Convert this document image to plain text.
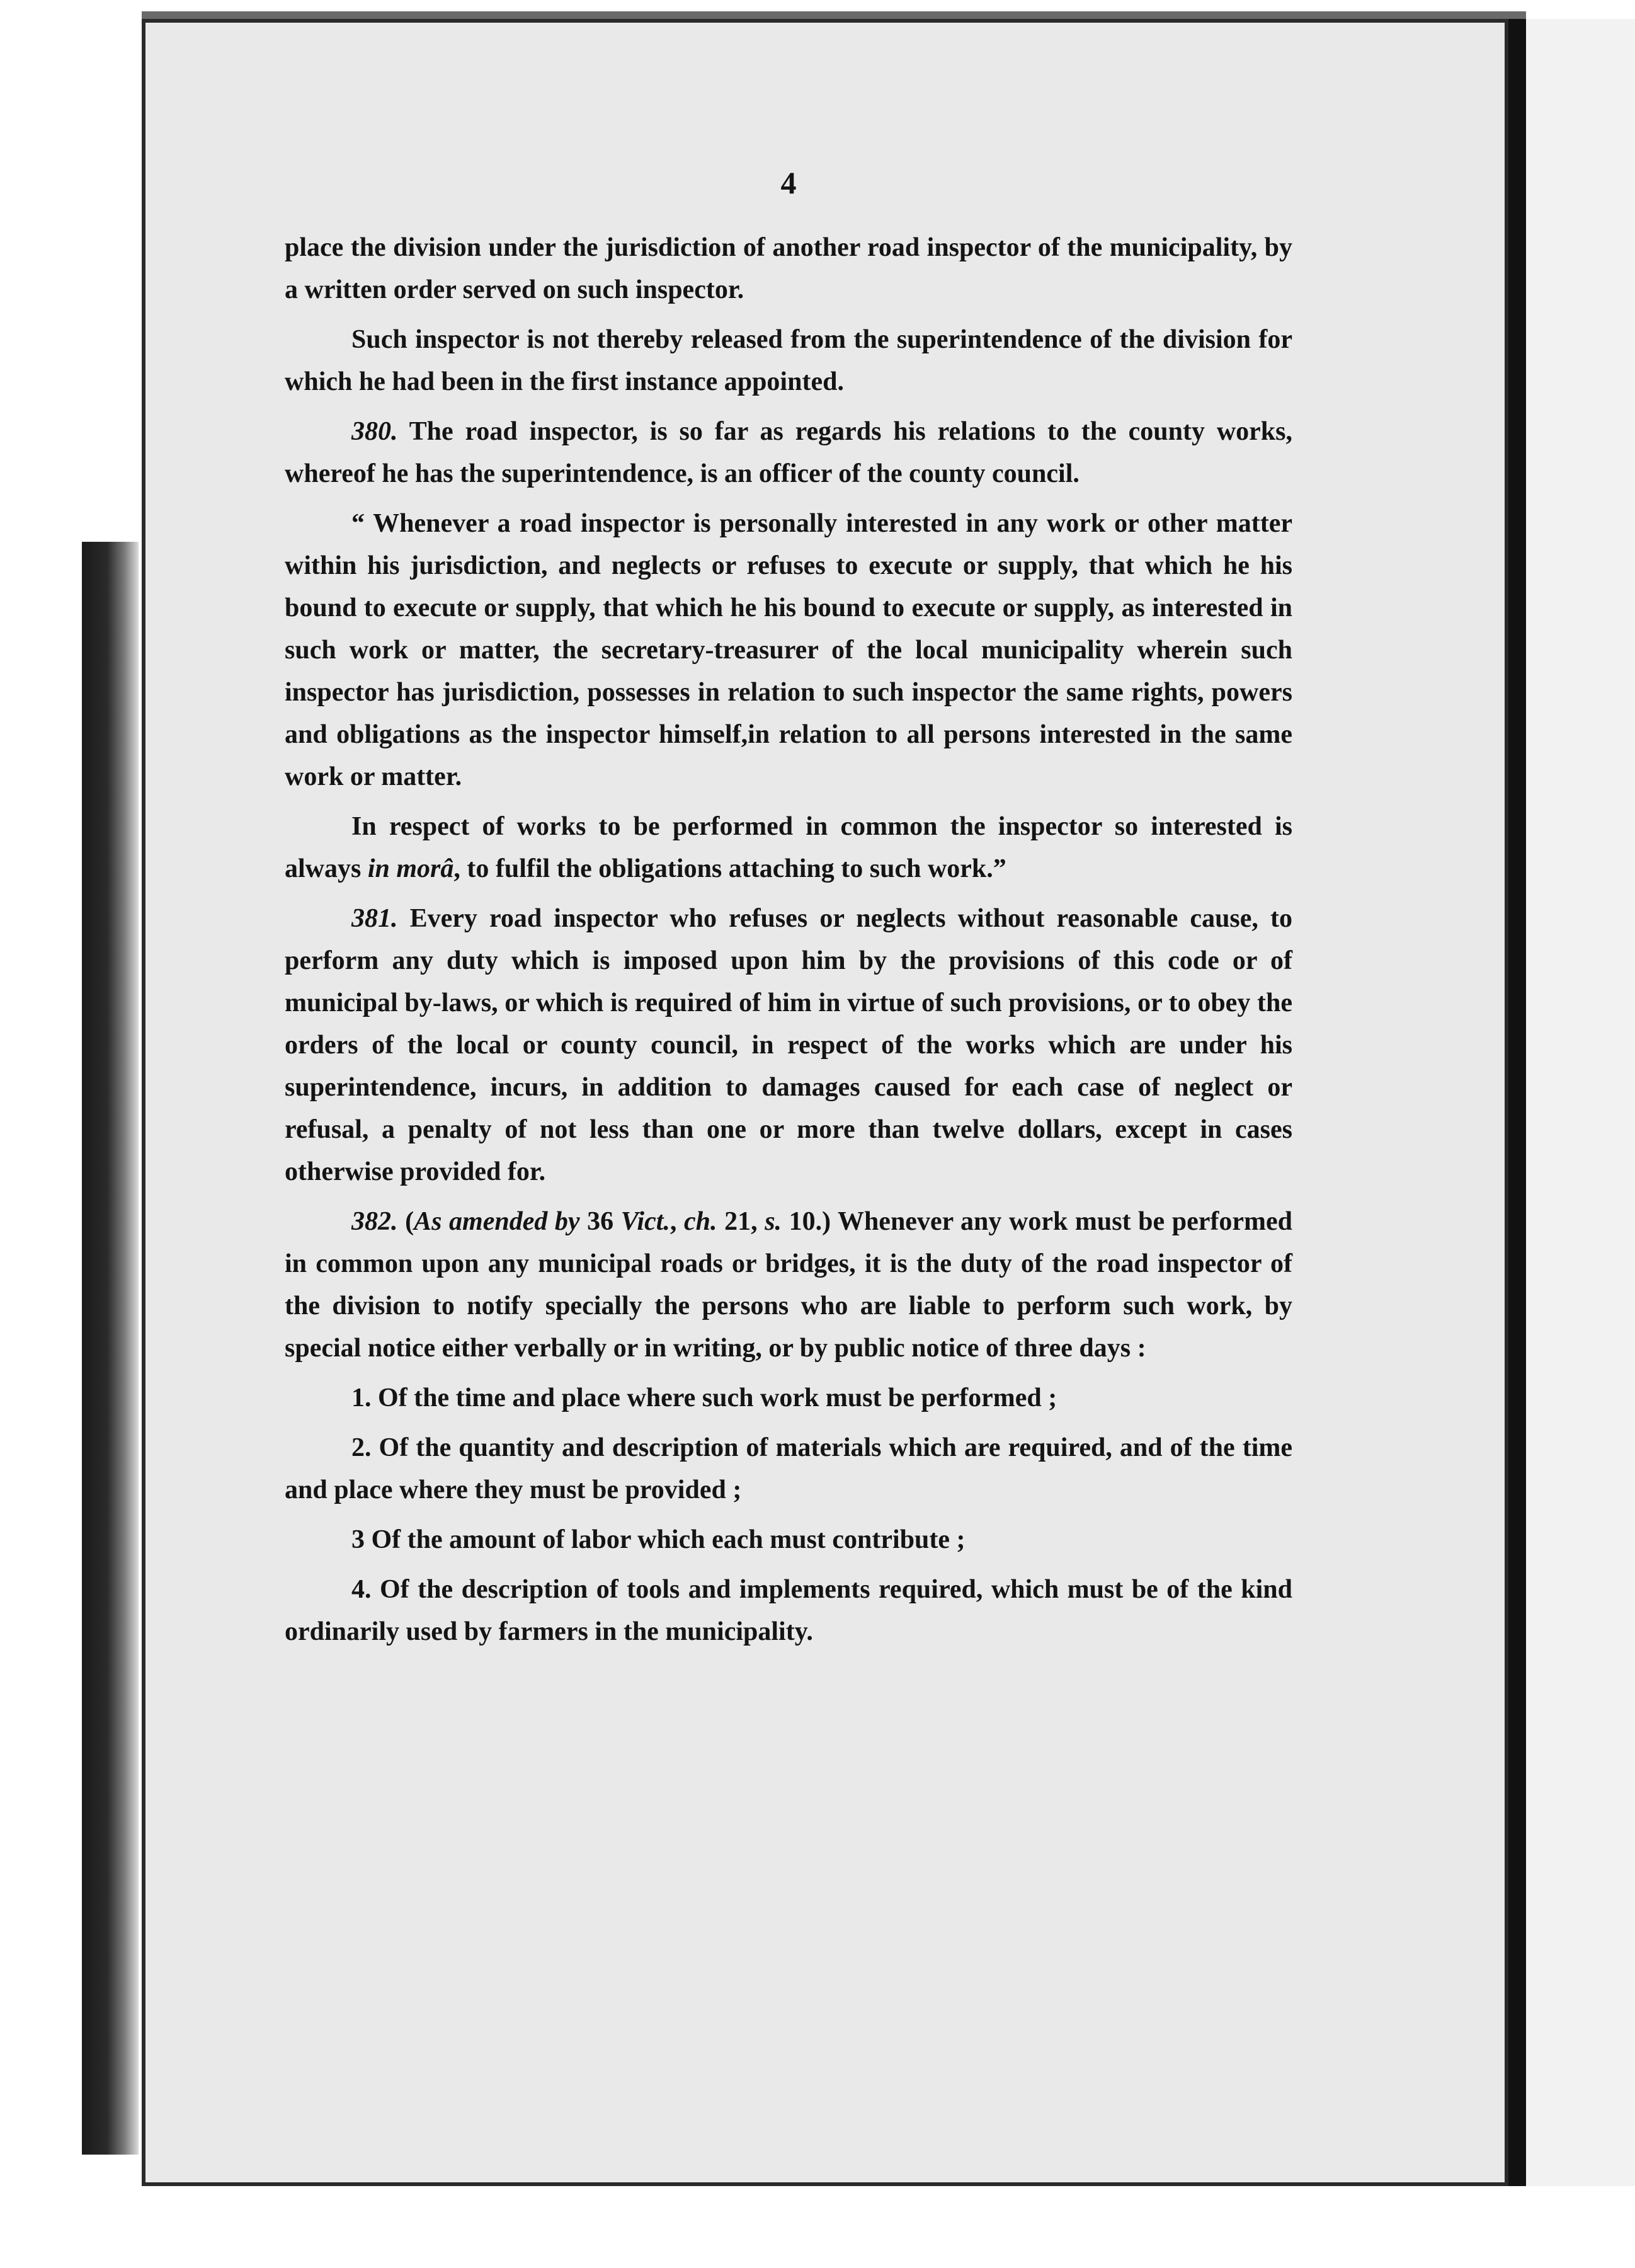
4

place the division under the jurisdiction of another road inspector of the municipality, by a written order served on such inspector.

Such inspector is not thereby released from the superintendence of the division for which he had been in the first instance appointed.

380. The road inspector, is so far as regards his relations to the county works, whereof he has the superintendence, is an officer of the county council.

“ Whenever a road inspector is personally interested in any work or other matter within his jurisdiction, and neglects or refuses to execute or supply, that which he his bound to execute or supply, that which he his bound to execute or supply, as interested in such work or matter, the secretary-treasurer of the local municipality wherein such inspector has jurisdiction, possesses in relation to such inspector the same rights, powers and obligations as the inspector himself,in relation to all persons interested in the same work or matter.

In respect of works to be performed in common the inspector so interested is always in morâ, to fulfil the obligations attaching to such work.”

381. Every road inspector who refuses or neglects without reasonable cause, to perform any duty which is imposed upon him by the provisions of this code or of municipal by-laws, or which is required of him in virtue of such provisions, or to obey the orders of the local or county council, in respect of the works which are under his superintendence, incurs, in addition to damages caused for each case of neglect or refusal, a penalty of not less than one or more than twelve dollars, except in cases otherwise provided for.

382. (As amended by 36 Vict., ch. 21, s. 10.) Whenever any work must be performed in common upon any municipal roads or bridges, it is the duty of the road inspector of the division to notify specially the persons who are liable to perform such work, by special notice either verbally or in writing, or by public notice of three days :

1. Of the time and place where such work must be performed ;

2. Of the quantity and description of materials which are required, and of the time and place where they must be provided ;

3 Of the amount of labor which each must contribute ;

4. Of the description of tools and implements required, which must be of the kind ordinarily used by farmers in the municipality.
